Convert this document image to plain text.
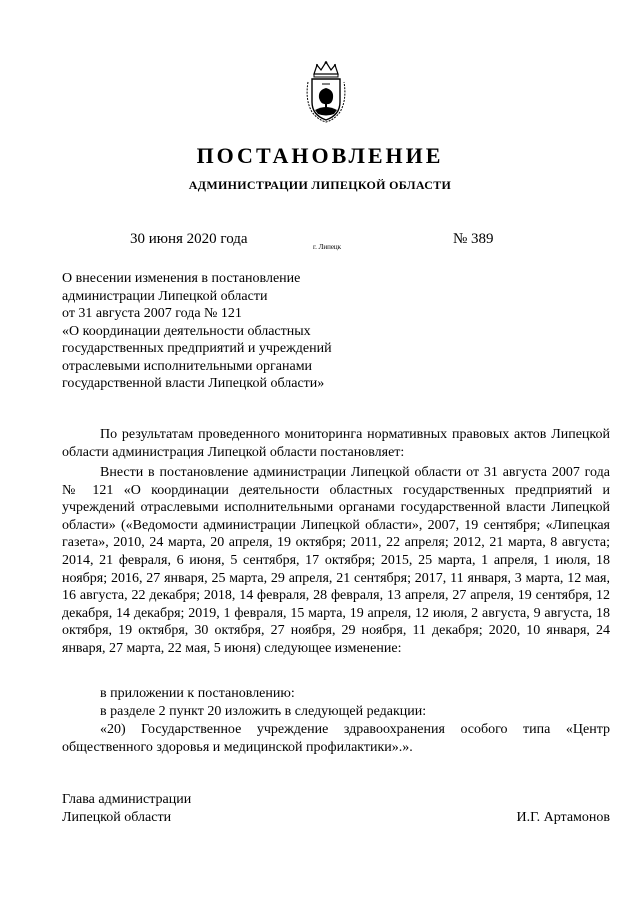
ПОСТАНОВЛЕНИЕ
АДМИНИСТРАЦИИ ЛИПЕЦКОЙ ОБЛАСТИ
30 июня 2020 года	г. Липецк	№ 389
О внесении изменения в постановление
администрации Липецкой области
от 31 августа 2007 года № 121
«О координации деятельности областных
государственных предприятий и учреждений
отраслевыми исполнительными органами
государственной власти Липецкой области»

По результатам проведенного мониторинга нормативных правовых актов Липецкой области администрация Липецкой области постановляет:

Внести в постановление администрации Липецкой области от 31 августа 2007 года № 121 «О координации деятельности областных государственных предприятий и учреждений отраслевыми исполнительными органами государственной власти Липецкой области» («Ведомости администрации Липецкой области», 2007, 19 сентября; «Липецкая газета», 2010, 24 марта, 20 апреля, 19 октября; 2011, 22 апреля; 2012, 21 марта, 8 августа; 2014, 21 февраля, 6 июня, 5 сентября, 17 октября; 2015, 25 марта, 1 апреля, 1 июля, 18 ноября; 2016, 27 января, 25 марта, 29 апреля, 21 сентября; 2017, 11 января, 3 марта, 12 мая, 16 августа, 22 декабря; 2018, 14 февраля, 28 февраля, 13 апреля, 27 апреля, 19 сентября, 12 декабря, 14 декабря; 2019, 1 февраля, 15 марта, 19 апреля, 12 июля, 2 августа, 9 августа, 18 октября, 19 октября, 30 октября, 27 ноября, 29 ноября, 11 декабря; 2020, 10 января, 24 января, 27 марта, 22 мая, 5 июня) следующее изменение:

в приложении к постановлению:
в разделе 2 пункт 20 изложить в следующей редакции:

«20) Государственное учреждение здравоохранения особого типа «Центр общественного здоровья и медицинской профилактики».».

Глава администрации
Липецкой области	И.Г. Артамонов
